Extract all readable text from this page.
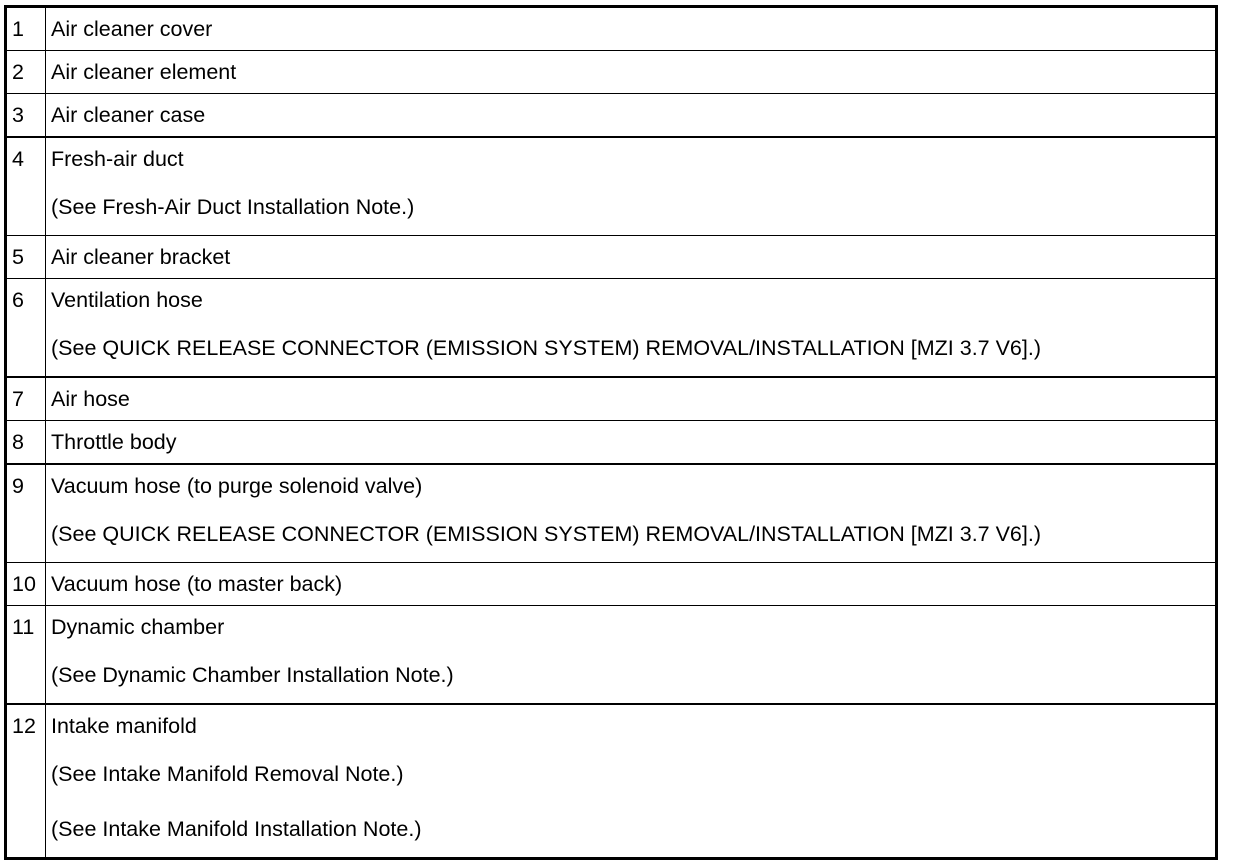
1	Air cleaner cover

2	Air cleaner element

3	Air cleaner case

4	Fresh-air duct
(See Fresh-Air Duct Installation Note.)

5	Air cleaner bracket

6	Ventilation hose
(See QUICK RELEASE CONNECTOR (EMISSION SYSTEM) REMOVAL/INSTALLATION [MZI 3.7 V6].)

7	Air hose

8	Throttle body

9	Vacuum hose (to purge solenoid valve)
(See QUICK RELEASE CONNECTOR (EMISSION SYSTEM) REMOVAL/INSTALLATION [MZI 3.7 V6].)

10	Vacuum hose (to master back)

11	Dynamic chamber
(See Dynamic Chamber Installation Note.)

12	Intake manifold
(See Intake Manifold Removal Note.)
(See Intake Manifold Installation Note.)
